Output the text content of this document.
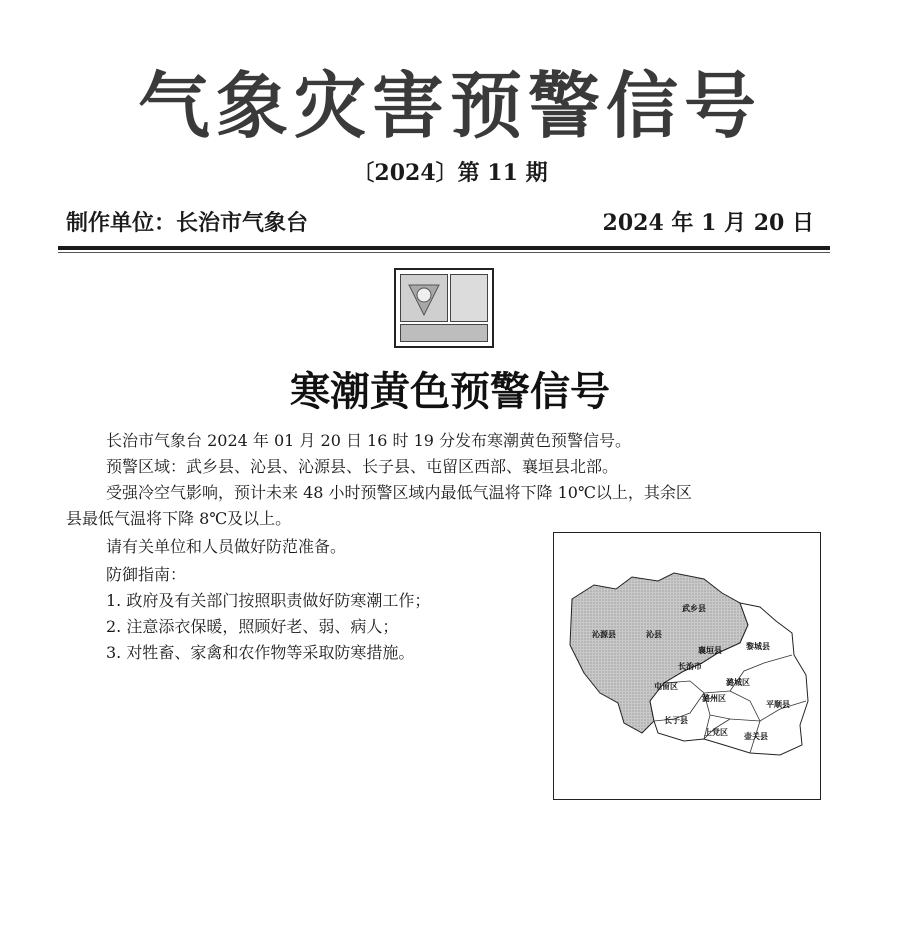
气象灾害预警信号
〔2024〕第 11 期
制作单位：长治市气象台	2024 年 1 月 20 日
寒潮黄色预警信号
长治市气象台 2024 年 01 月 20 日 16 时 19 分发布寒潮黄色预警信号。
预警区域：武乡县、沁县、沁源县、长子县、屯留区西部、襄垣县北部。
受强冷空气影响，预计未来 48 小时预警区域内最低气温将下降 10℃以上，其余区
县最低气温将下降 8℃及以上。
请有关单位和人员做好防范准备。
防御指南：
1. 政府及有关部门按照职责做好防寒潮工作；
2. 注意添衣保暖，照顾好老、弱、病人；
3. 对牲畜、家禽和农作物等采取防寒措施。
武乡县
沁源县	沁县
襄垣县	黎城县
长治市
屯留区	潞城区
潞州区
平顺县
长子县
上党区 壶关县
